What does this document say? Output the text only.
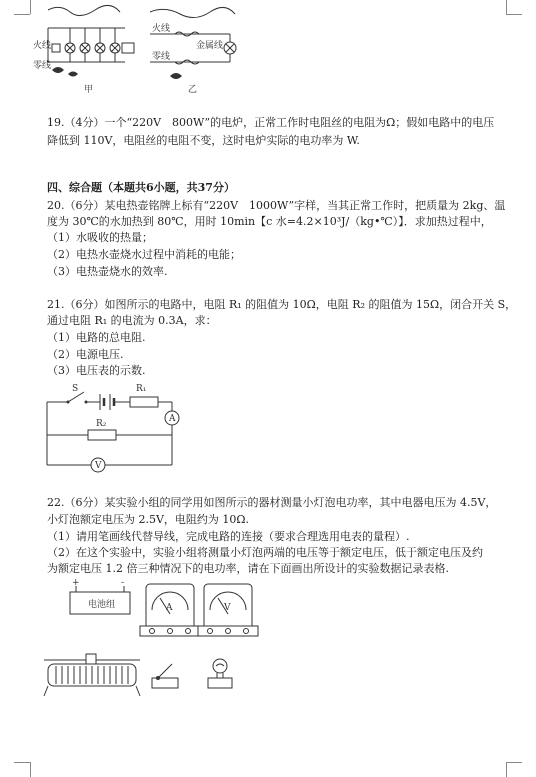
火线
零线
甲
火线
零线
金属线
乙
19.（4分）一个“220V　800W”的电炉，正常工作时电阻丝的电阻为Ω；假如电路中的电压
降低到 110V，电阻丝的电阻不变，这时电炉实际的电功率为 W.
四、综合题（本题共6小题，共37分）
20.（6分）某电热壶铭牌上标有“220V　1000W”字样，当其正常工作时，把质量为 2kg、温
度为 30℃的水加热到 80℃，用时 10min【c 水=4.2×10³J/（kg•℃）】．求加热过程中，
（1）水吸收的热量；
（2）电热水壶烧水过程中消耗的电能；
（3）电热壶烧水的效率.
21.（6分）如图所示的电路中，电阻 R₁ 的阻值为 10Ω，电阻 R₂ 的阻值为 15Ω，闭合开关 S，
通过电阻 R₁ 的电流为 0.3A，求：
（1）电路的总电阻.
（2）电源电压.
（3）电压表的示数.
S	R₁
R₂	A
V
22.（6分）某实验小组的同学用如图所示的器材测量小灯泡电功率，其中电器电压为 4.5V，
小灯泡额定电压为 2.5V，电阻约为 10Ω.
（1）请用笔画线代替导线，完成电路的连接（要求合理选用电表的量程）.
（2）在这个实验中，实验小组将测量小灯泡两端的电压等于额定电压，低于额定电压及约
为额定电压 1.2 倍三种情况下的电功率，请在下面画出所设计的实验数据记录表格.
电池组
+	-
A	V
